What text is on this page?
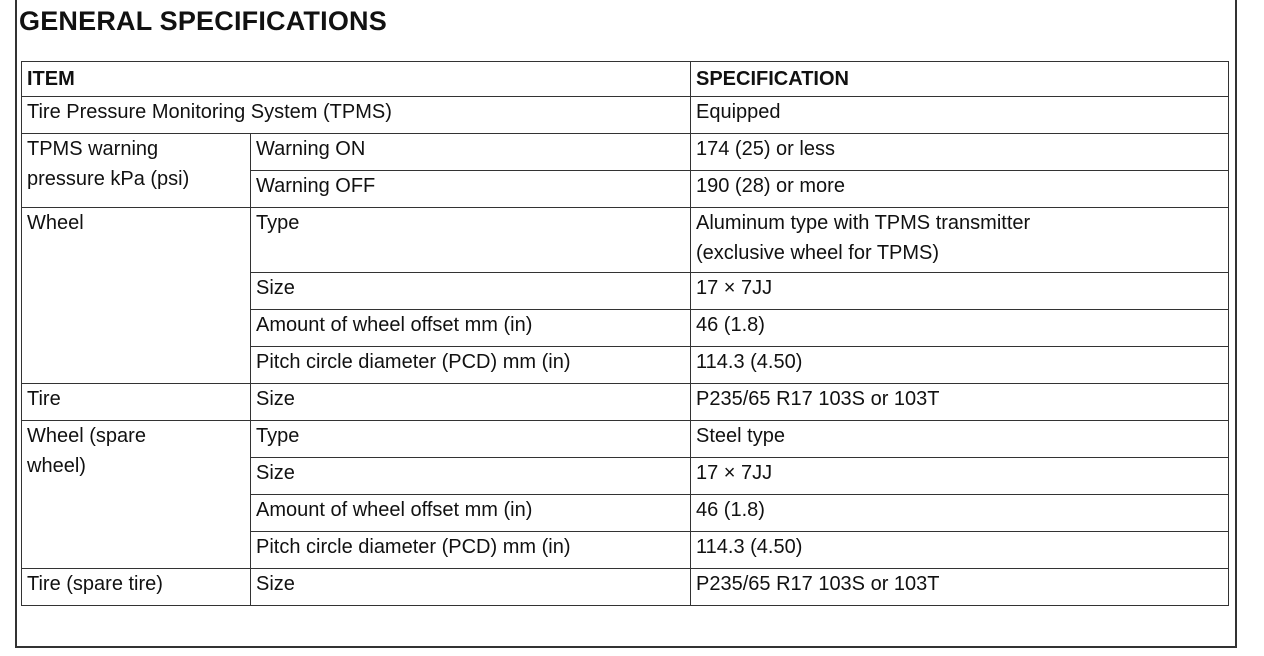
GENERAL SPECIFICATIONS
ITEM		SPECIFICATION
Tire Pressure Monitoring System (TPMS)		Equipped
TPMS warning
pressure kPa (psi)	Warning ON	174 (25) or less
	Warning OFF	190 (28) or more
Wheel	Type	Aluminum type with TPMS transmitter
(exclusive wheel for TPMS)
	Size	17 × 7JJ
	Amount of wheel offset mm (in)	46 (1.8)
	Pitch circle diameter (PCD) mm (in)	114.3 (4.50)
Tire	Size	P235/65 R17 103S or 103T
Wheel (spare
wheel)	Type	Steel type
	Size	17 × 7JJ
	Amount of wheel offset mm (in)	46 (1.8)
	Pitch circle diameter (PCD) mm (in)	114.3 (4.50)
Tire (spare tire)	Size	P235/65 R17 103S or 103T
